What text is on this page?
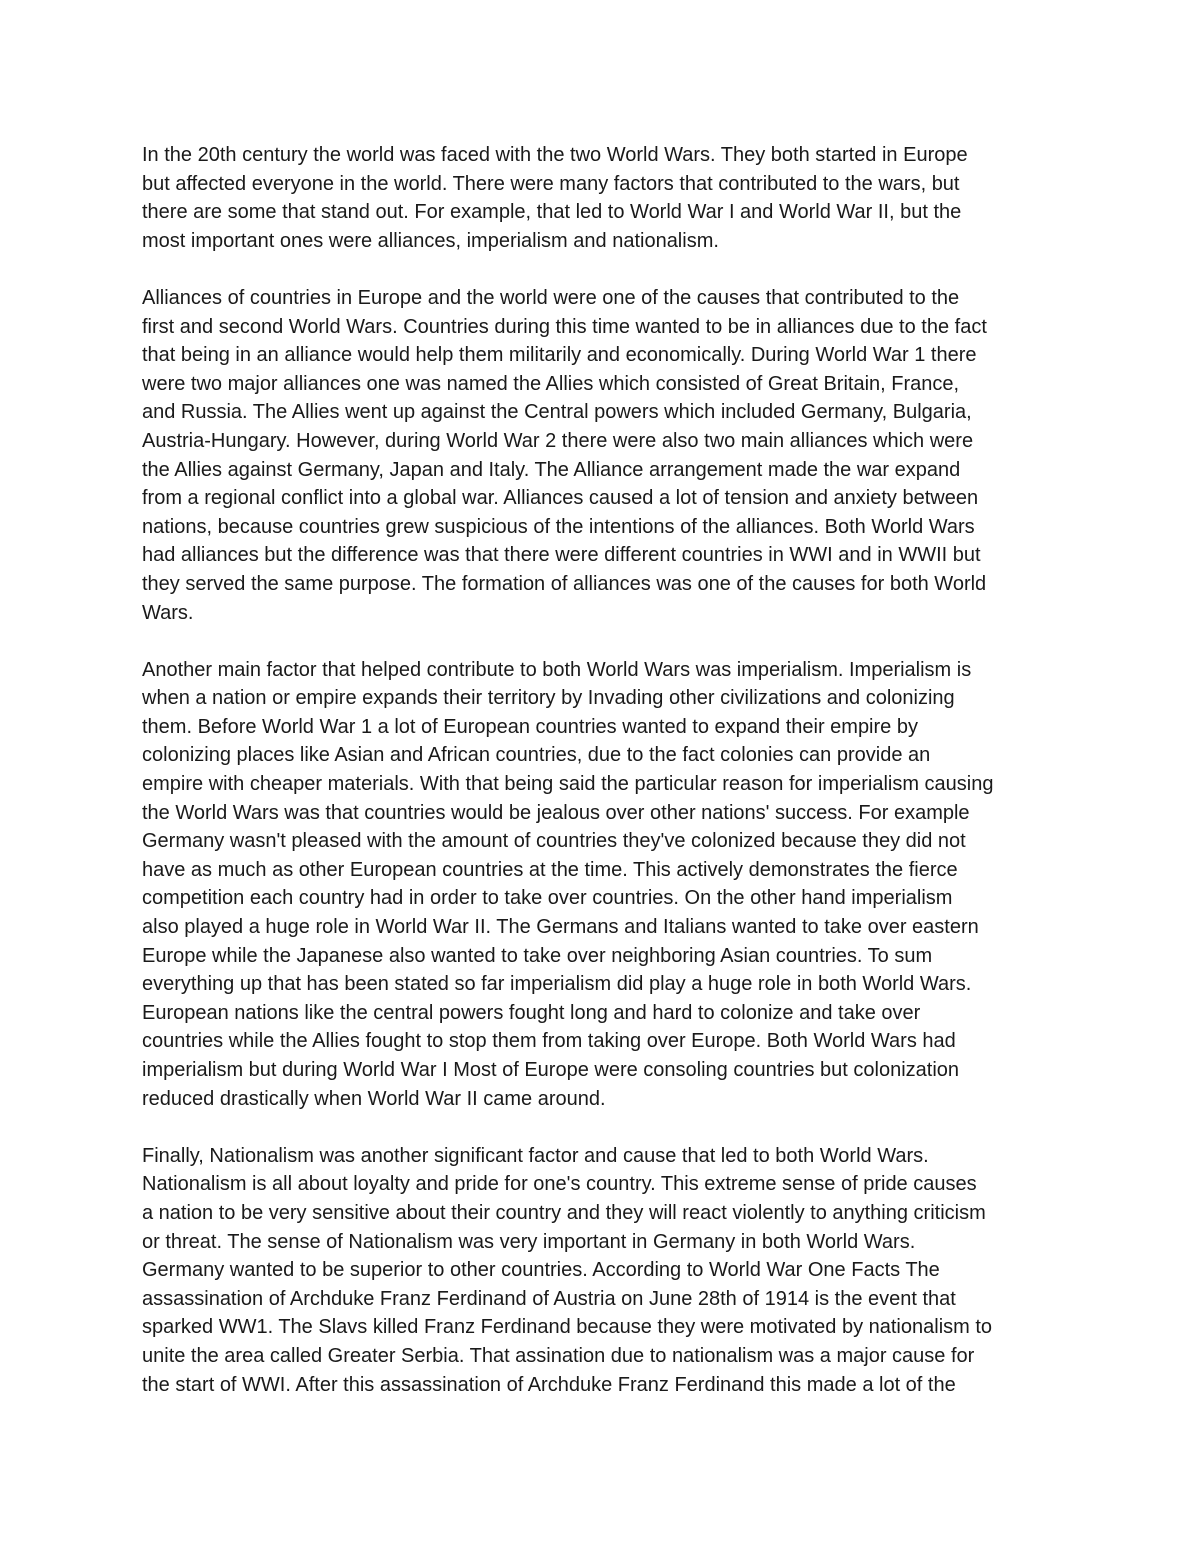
In the 20th century the world was faced with the two World Wars. They both started in Europe
but affected everyone in the world. There were many factors that contributed to the wars, but
there are some that stand out. For example, that led to World War I and World War II, but the
most important ones were alliances, imperialism and nationalism.

Alliances of countries in Europe and the world were one of the causes that contributed to the
first and second World Wars. Countries during this time wanted to be in alliances due to the fact
that being in an alliance would help them militarily and economically. During World War 1 there
were two major alliances one was named the Allies which consisted of Great Britain, France,
and Russia. The Allies went up against the Central powers which included Germany, Bulgaria,
Austria-Hungary. However, during World War 2 there were also two main alliances which were
the Allies against Germany, Japan and Italy. The Alliance arrangement made the war expand
from a regional conflict into a global war. Alliances caused a lot of tension and anxiety between
nations, because countries grew suspicious of the intentions of the alliances. Both World Wars
had alliances but the difference was that there were different countries in WWI and in WWII but
they served the same purpose. The formation of alliances was one of the causes for both World
Wars.

Another main factor that helped contribute to both World Wars was imperialism. Imperialism is
when a nation or empire expands their territory by Invading other civilizations and colonizing
them. Before World War 1 a lot of European countries wanted to expand their empire by
colonizing places like Asian and African countries, due to the fact colonies can provide an
empire with cheaper materials. With that being said the particular reason for imperialism causing
the World Wars was that countries would be jealous over other nations' success. For example
Germany wasn't pleased with the amount of countries they've colonized because they did not
have as much as other European countries at the time. This actively demonstrates the fierce
competition each country had in order to take over countries. On the other hand imperialism
also played a huge role in World War II. The Germans and Italians wanted to take over eastern
Europe while the Japanese also wanted to take over neighboring Asian countries. To sum
everything up that has been stated so far imperialism did play a huge role in both World Wars.
European nations like the central powers fought long and hard to colonize and take over
countries while the Allies fought to stop them from taking over Europe. Both World Wars had
imperialism but during World War I Most of Europe were consoling countries but colonization
reduced drastically when World War II came around.

Finally, Nationalism was another significant factor and cause that led to both World Wars.
Nationalism is all about loyalty and pride for one's country. This extreme sense of pride causes
a nation to be very sensitive about their country and they will react violently to anything criticism
or threat. The sense of Nationalism was very important in Germany in both World Wars.
Germany wanted to be superior to other countries. According to World War One Facts The
assassination of Archduke Franz Ferdinand of Austria on June 28th of 1914 is the event that
sparked WW1. The Slavs killed Franz Ferdinand because they were motivated by nationalism to
unite the area called Greater Serbia. That assination due to nationalism was a major cause for
the start of WWI. After this assassination of Archduke Franz Ferdinand this made a lot of the
